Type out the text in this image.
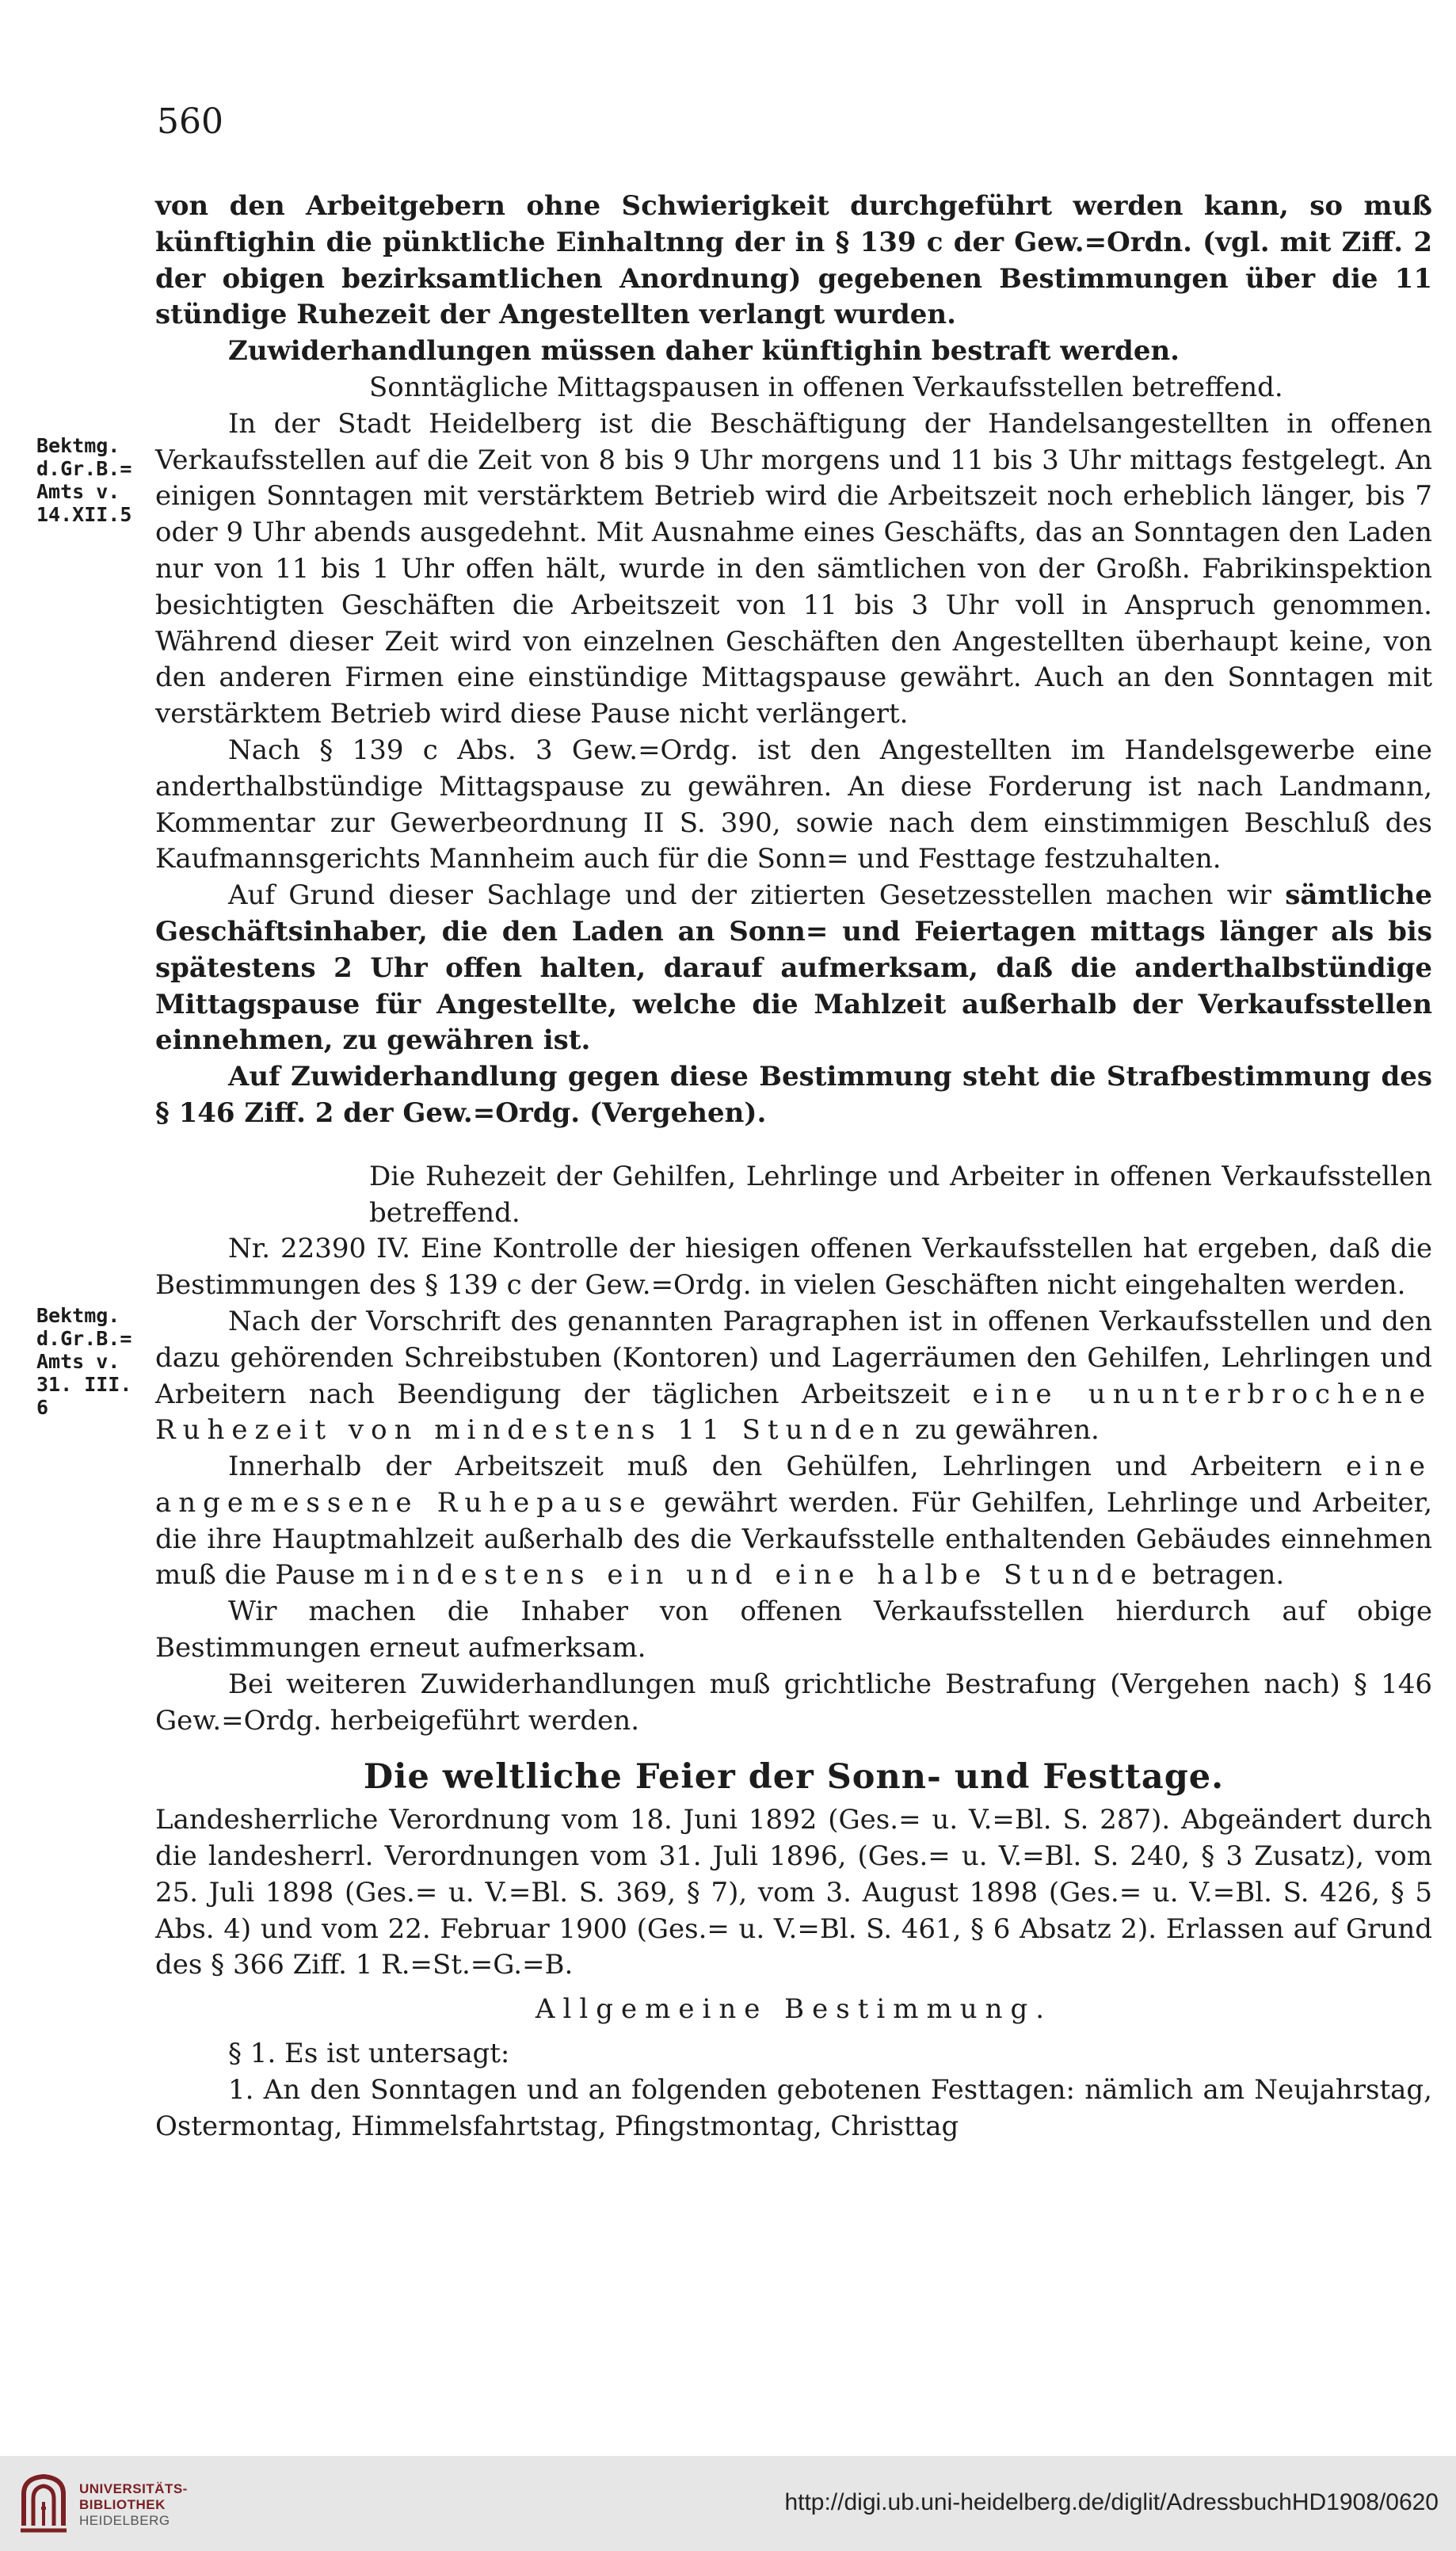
560
Bektmg.
d.Gr.B.=
Amts v.
14.XII.5
Bektmg.
d.Gr.B.=
Amts v.
31. III. 6

von den Arbeitgebern ohne Schwierigkeit durchgeführt werden kann, so muß künftighin die pünktliche Einhaltnng der in § 139 c der Gew.=Ordn. (vgl. mit Ziff. 2 der obigen bezirksamtlichen Anordnung) gegebenen Bestimmungen über die 11 stündige Ruhezeit der Angestellten verlangt wurden.

Zuwiderhandlungen müssen daher künftighin bestraft werden.

Sonntägliche Mittagspausen in offenen Verkaufsstellen betreffend.

In der Stadt Heidelberg ist die Beschäftigung der Handelsangestellten in offenen Verkaufsstellen auf die Zeit von 8 bis 9 Uhr morgens und 11 bis 3 Uhr mittags festgelegt. An einigen Sonntagen mit verstärktem Betrieb wird die Arbeitszeit noch erheblich länger, bis 7 oder 9 Uhr abends ausgedehnt. Mit Ausnahme eines Geschäfts, das an Sonntagen den Laden nur von 11 bis 1 Uhr offen hält, wurde in den sämtlichen von der Großh. Fabrikinspektion besichtigten Geschäften die Arbeitszeit von 11 bis 3 Uhr voll in Anspruch genommen. Während dieser Zeit wird von einzelnen Geschäften den Angestellten überhaupt keine, von den anderen Firmen eine einstündige Mittagspause gewährt. Auch an den Sonntagen mit verstärktem Betrieb wird diese Pause nicht verlängert.

Nach § 139 c Abs. 3 Gew.=Ordg. ist den Angestellten im Handelsgewerbe eine anderthalbstündige Mittagspause zu gewähren. An diese Forderung ist nach Landmann, Kommentar zur Gewerbeordnung II S. 390, sowie nach dem einstimmigen Beschluß des Kaufmannsgerichts Mannheim auch für die Sonn= und Festtage festzuhalten.

Auf Grund dieser Sachlage und der zitierten Gesetzesstellen machen wir sämtliche Geschäftsinhaber, die den Laden an Sonn= und Feiertagen mittags länger als bis spätestens 2 Uhr offen halten, darauf aufmerksam, daß die anderthalbstündige Mittagspause für Angestellte, welche die Mahlzeit außerhalb der Verkaufsstellen einnehmen, zu gewähren ist.

Auf Zuwiderhandlung gegen diese Bestimmung steht die Strafbestimmung des § 146 Ziff. 2 der Gew.=Ordg. (Vergehen).

Die Ruhezeit der Gehilfen, Lehrlinge und Arbeiter in offenen Verkaufsstellen betreffend.

Nr. 22390 IV. Eine Kontrolle der hiesigen offenen Verkaufsstellen hat ergeben, daß die Bestimmungen des § 139 c der Gew.=Ordg. in vielen Geschäften nicht eingehalten werden.

Nach der Vorschrift des genannten Paragraphen ist in offenen Verkaufsstellen und den dazu gehörenden Schreibstuben (Kontoren) und Lagerräumen den Gehilfen, Lehrlingen und Arbeitern nach Beendigung der täglichen Arbeitszeit eine ununterbrochene Ruhezeit von mindestens 11 Stunden zu gewähren.

Innerhalb der Arbeitszeit muß den Gehülfen, Lehrlingen und Arbeitern eine angemessene Ruhepause gewährt werden. Für Gehilfen, Lehrlinge und Arbeiter, die ihre Hauptmahlzeit außerhalb des die Verkaufsstelle enthaltenden Gebäudes einnehmen muß die Pause mindestens ein und eine halbe Stunde betragen.

Wir machen die Inhaber von offenen Verkaufsstellen hierdurch auf obige Bestimmungen erneut aufmerksam.

Bei weiteren Zuwiderhandlungen muß grichtliche Bestrafung (Vergehen nach) § 146 Gew.=Ordg. herbeigeführt werden.

Die weltliche Feier der Sonn- und Festtage.

Landesherrliche Verordnung vom 18. Juni 1892 (Ges.= u. V.=Bl. S. 287). Abgeändert durch die landesherrl. Verordnungen vom 31. Juli 1896, (Ges.= u. V.=Bl. S. 240, § 3 Zusatz), vom 25. Juli 1898 (Ges.= u. V.=Bl. S. 369, § 7), vom 3. August 1898 (Ges.= u. V.=Bl. S. 426, § 5 Abs. 4) und vom 22. Februar 1900 (Ges.= u. V.=Bl. S. 461, § 6 Absatz 2). Erlassen auf Grund des § 366 Ziff. 1 R.=St.=G.=B.

Allgemeine Bestimmung.

§ 1. Es ist untersagt:

1. An den Sonntagen und an folgenden gebotenen Festtagen: nämlich am Neujahrstag, Ostermontag, Himmelsfahrtstag, Pfingstmontag, Christtag

UNIVERSITÄTS-
BIBLIOTHEK
HEIDELBERG
http://digi.ub.uni-heidelberg.de/diglit/AdressbuchHD1908/0620
